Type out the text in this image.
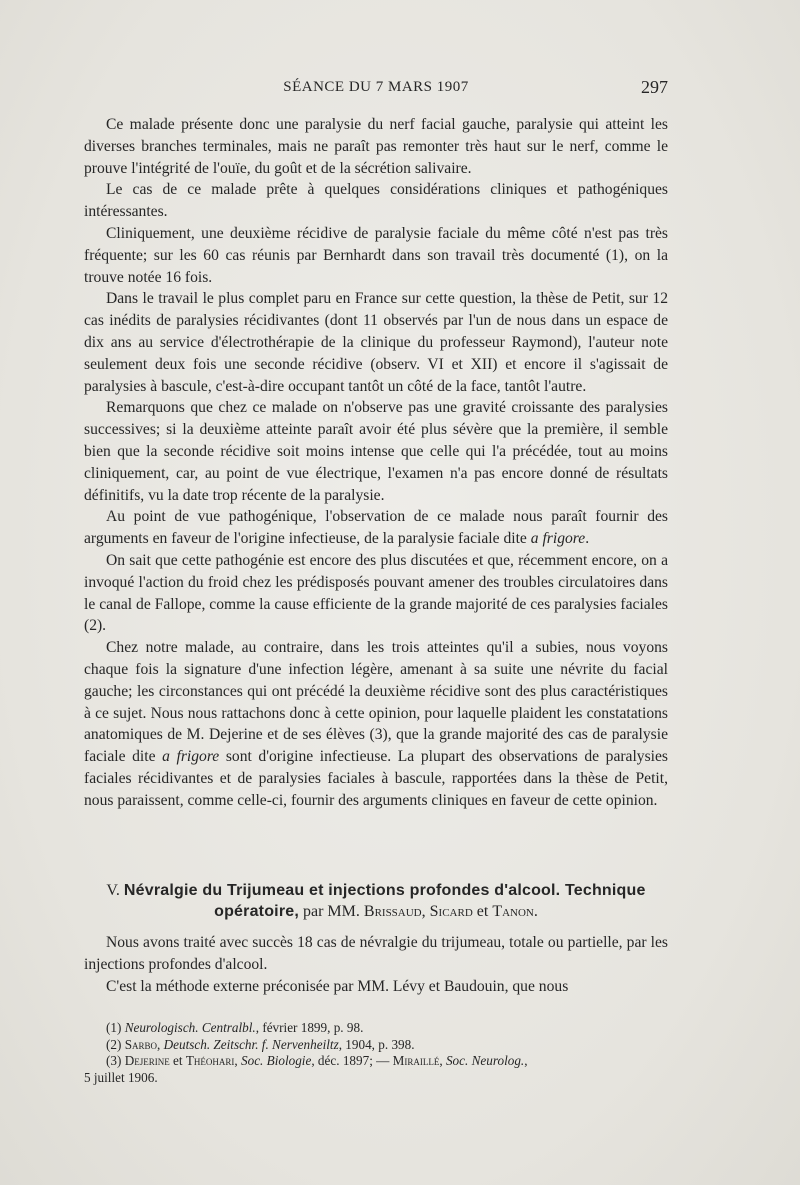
SÉANCE DU 7 MARS 1907	297

Ce malade présente donc une paralysie du nerf facial gauche, paralysie qui atteint les diverses branches terminales, mais ne paraît pas remonter très haut sur le nerf, comme le prouve l'intégrité de l'ouïe, du goût et de la sécrétion salivaire.

Le cas de ce malade prête à quelques considérations cliniques et pathogéniques intéressantes.

Cliniquement, une deuxième récidive de paralysie faciale du même côté n'est pas très fréquente; sur les 60 cas réunis par Bernhardt dans son travail très documenté (1), on la trouve notée 16 fois.

Dans le travail le plus complet paru en France sur cette question, la thèse de Petit, sur 12 cas inédits de paralysies récidivantes (dont 11 observés par l'un de nous dans un espace de dix ans au service d'électrothérapie de la clinique du professeur Raymond), l'auteur note seulement deux fois une seconde récidive (observ. VI et XII) et encore il s'agissait de paralysies à bascule, c'est-à-dire occupant tantôt un côté de la face, tantôt l'autre.

Remarquons que chez ce malade on n'observe pas une gravité croissante des paralysies successives; si la deuxième atteinte paraît avoir été plus sévère que la première, il semble bien que la seconde récidive soit moins intense que celle qui l'a précédée, tout au moins cliniquement, car, au point de vue électrique, l'examen n'a pas encore donné de résultats définitifs, vu la date trop récente de la paralysie.

Au point de vue pathogénique, l'observation de ce malade nous paraît fournir des arguments en faveur de l'origine infectieuse, de la paralysie faciale dite a frigore.

On sait que cette pathogénie est encore des plus discutées et que, récemment encore, on a invoqué l'action du froid chez les prédisposés pouvant amener des troubles circulatoires dans le canal de Fallope, comme la cause efficiente de la grande majorité de ces paralysies faciales (2).

Chez notre malade, au contraire, dans les trois atteintes qu'il a subies, nous voyons chaque fois la signature d'une infection légère, amenant à sa suite une névrite du facial gauche; les circonstances qui ont précédé la deuxième récidive sont des plus caractéristiques à ce sujet. Nous nous rattachons donc à cette opinion, pour laquelle plaident les constatations anatomiques de M. Dejerine et de ses élèves (3), que la grande majorité des cas de paralysie faciale dite a frigore sont d'origine infectieuse. La plupart des observations de paralysies faciales récidivantes et de paralysies faciales à bascule, rapportées dans la thèse de Petit, nous paraissent, comme celle-ci, fournir des arguments cliniques en faveur de cette opinion.

V. Névralgie du Trijumeau et injections profondes d'alcool. Technique opératoire, par MM. Brissaud, Sicard et Tanon.

Nous avons traité avec succès 18 cas de névralgie du trijumeau, totale ou partielle, par les injections profondes d'alcool.

C'est la méthode externe préconisée par MM. Lévy et Baudouin, que nous

(1) Neurologisch. Centralbl., février 1899, p. 98.
(2) Sarbo, Deutsch. Zeitschr. f. Nervenheiltz, 1904, p. 398.
(3) Dejerine et Théohari, Soc. Biologie, déc. 1897; — Miraillé, Soc. Neurolog.,
5 juillet 1906.
